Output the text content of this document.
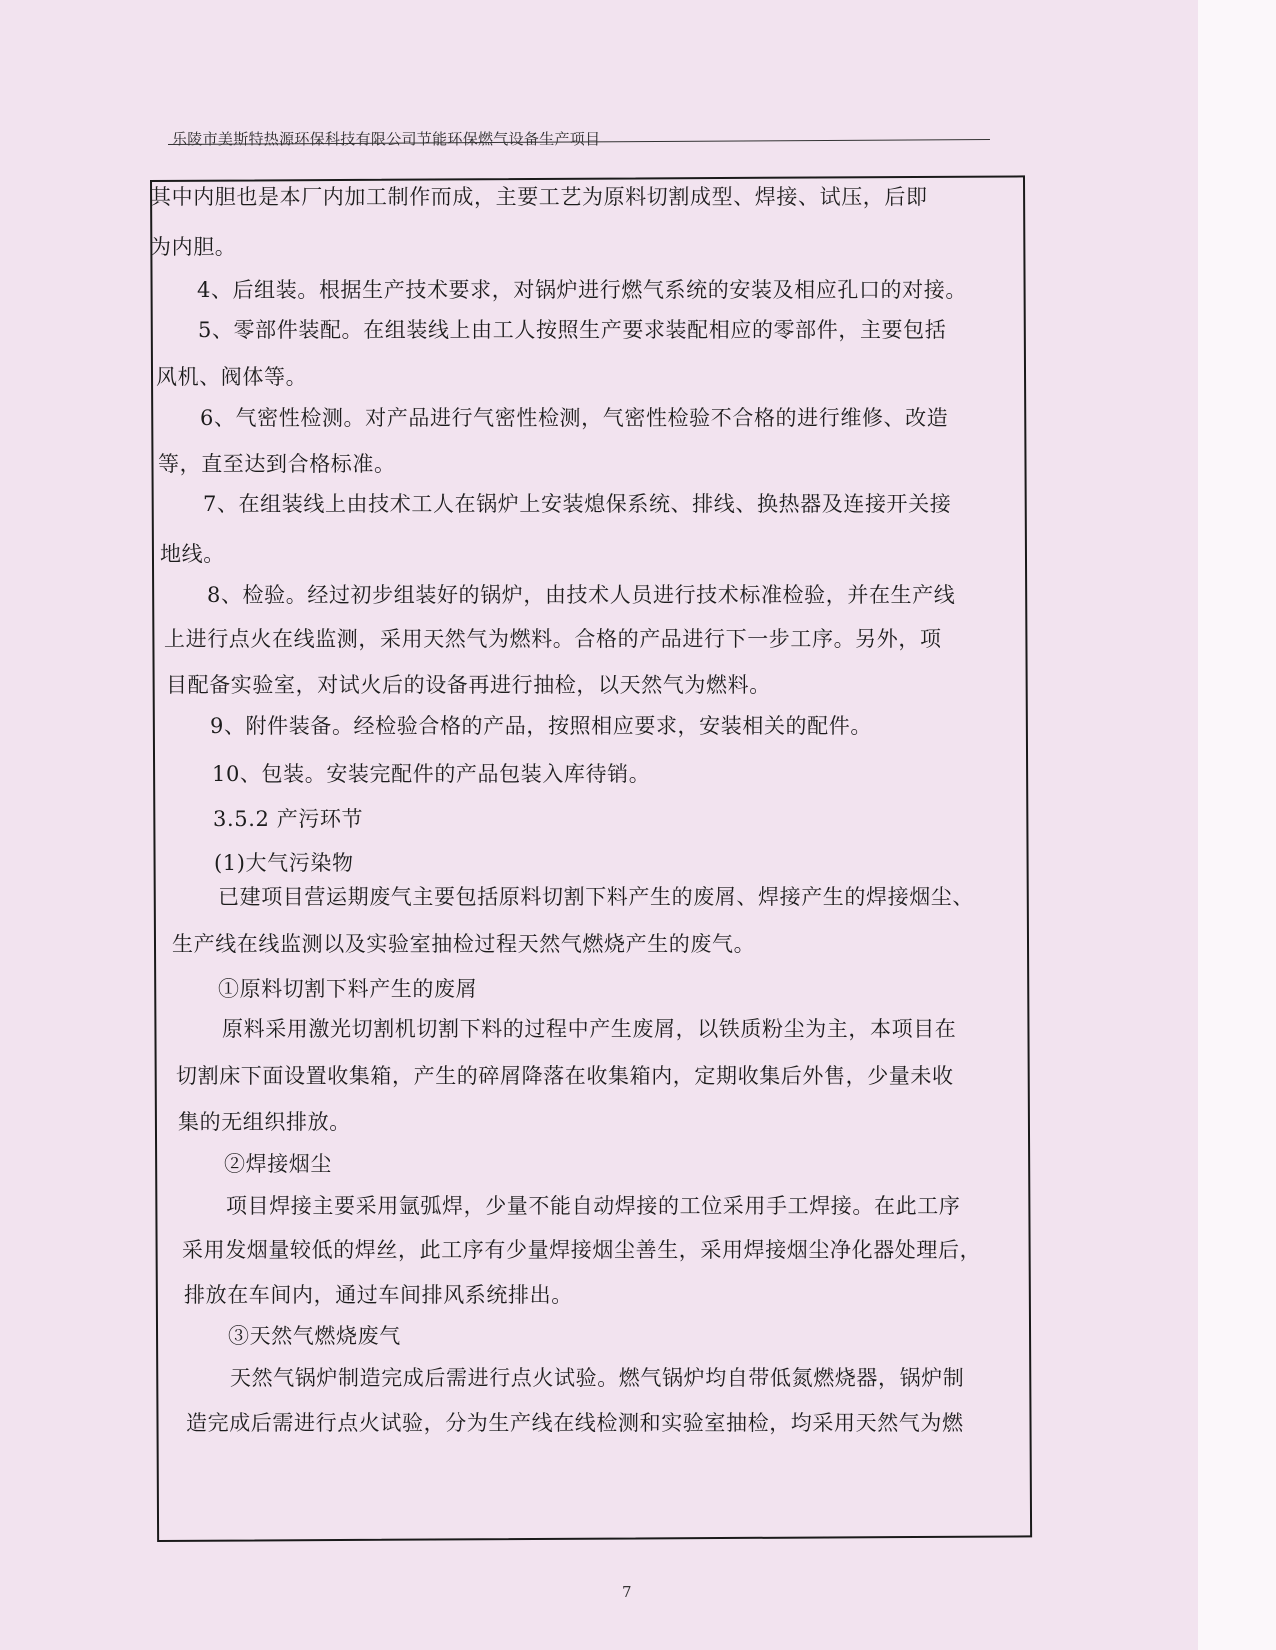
乐陵市美斯特热源环保科技有限公司节能环保燃气设备生产项目
其中内胆也是本厂内加工制作而成，主要工艺为原料切割成型、焊接、试压，后即
为内胆。
4、后组装。根据生产技术要求，对锅炉进行燃气系统的安装及相应孔口的对接。
5、零部件装配。在组装线上由工人按照生产要求装配相应的零部件，主要包括
风机、阀体等。
6、气密性检测。对产品进行气密性检测，气密性检验不合格的进行维修、改造
等，直至达到合格标准。
7、在组装线上由技术工人在锅炉上安装熄保系统、排线、换热器及连接开关接
地线。
8、检验。经过初步组装好的锅炉，由技术人员进行技术标准检验，并在生产线
上进行点火在线监测，采用天然气为燃料。合格的产品进行下一步工序。另外，项
目配备实验室，对试火后的设备再进行抽检，以天然气为燃料。
9、附件装备。经检验合格的产品，按照相应要求，安装相关的配件。
10、包装。安装完配件的产品包装入库待销。
3.5.2 产污环节
(1)大气污染物
已建项目营运期废气主要包括原料切割下料产生的废屑、焊接产生的焊接烟尘、
生产线在线监测以及实验室抽检过程天然气燃烧产生的废气。
①原料切割下料产生的废屑
原料采用激光切割机切割下料的过程中产生废屑，以铁质粉尘为主，本项目在
切割床下面设置收集箱，产生的碎屑降落在收集箱内，定期收集后外售，少量未收
集的无组织排放。
②焊接烟尘
项目焊接主要采用氩弧焊，少量不能自动焊接的工位采用手工焊接。在此工序
采用发烟量较低的焊丝，此工序有少量焊接烟尘善生，采用焊接烟尘净化器处理后，
排放在车间内，通过车间排风系统排出。
③天然气燃烧废气
天然气锅炉制造完成后需进行点火试验。燃气锅炉均自带低氮燃烧器，锅炉制
造完成后需进行点火试验，分为生产线在线检测和实验室抽检，均采用天然气为燃
7
